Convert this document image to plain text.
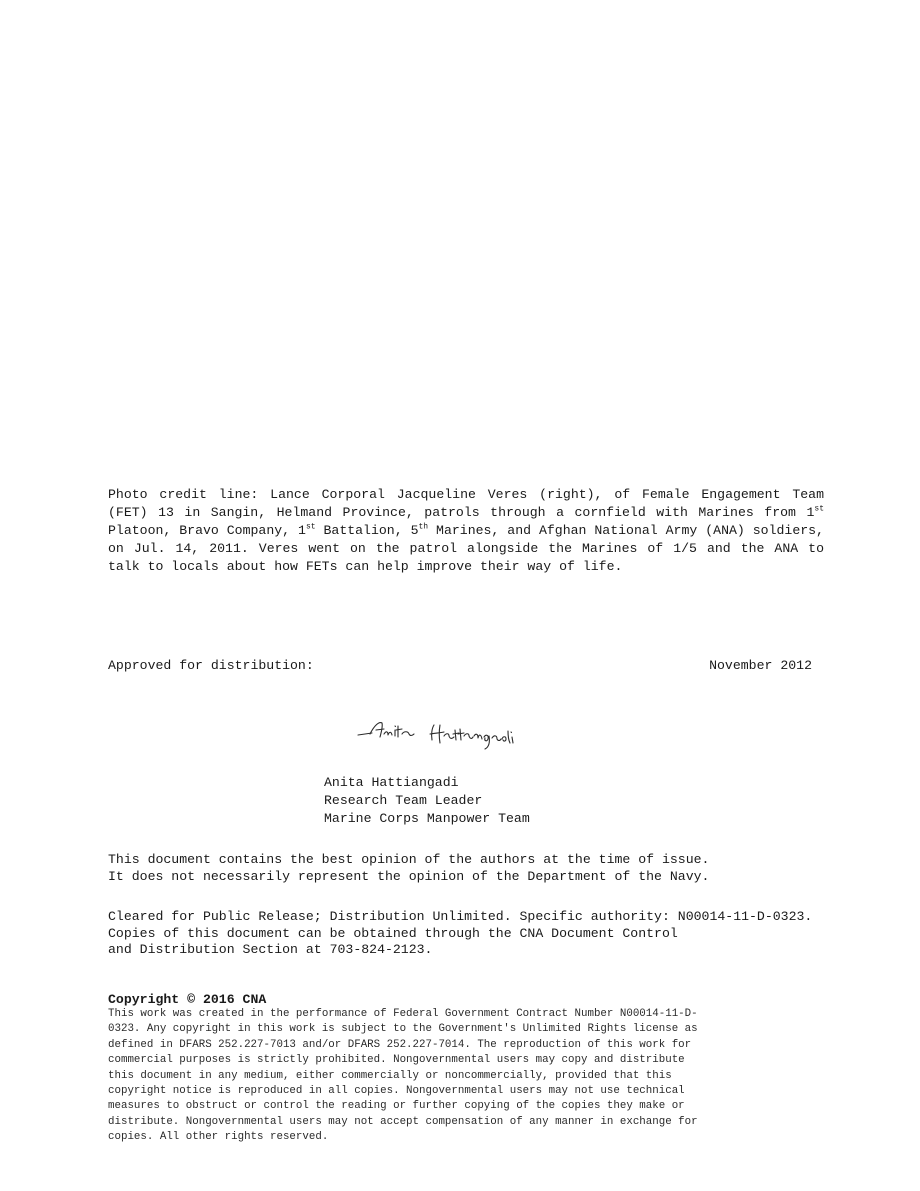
Photo credit line: Lance Corporal Jacqueline Veres (right), of Female Engagement Team (FET) 13 in Sangin, Helmand Province, patrols through a cornfield with Marines from 1st Platoon, Bravo Company, 1st Battalion, 5th Marines, and Afghan National Army (ANA) soldiers, on Jul. 14, 2011. Veres went on the patrol alongside the Marines of 1/5 and the ANA to talk to locals about how FETs can help improve their way of life.

Approved for distribution:	November 2012
Anita Hattiangadi
Research Team Leader
Marine Corps Manpower Team
This document contains the best opinion of the authors at the time of issue.
It does not necessarily represent the opinion of the Department of the Navy.
Cleared for Public Release; Distribution Unlimited. Specific authority: N00014-11-D-0323.
Copies of this document can be obtained through the CNA Document Control
and Distribution Section at 703-824-2123.
Copyright © 2016 CNA
This work was created in the performance of Federal Government Contract Number N00014-11-D-
0323. Any copyright in this work is subject to the Government's Unlimited Rights license as
defined in DFARS 252.227-7013 and/or DFARS 252.227-7014. The reproduction of this work for
commercial purposes is strictly prohibited. Nongovernmental users may copy and distribute
this document in any medium, either commercially or noncommercially, provided that this
copyright notice is reproduced in all copies. Nongovernmental users may not use technical
measures to obstruct or control the reading or further copying of the copies they make or
distribute. Nongovernmental users may not accept compensation of any manner in exchange for
copies. All other rights reserved.
